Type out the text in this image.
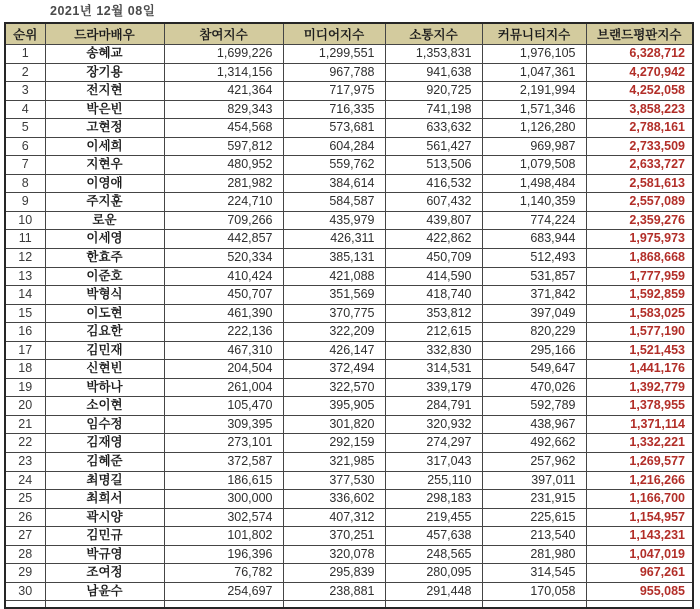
2021년 12월 08일
순위	드라마배우	참여지수	미디어지수	소통지수	커뮤니티지수	브랜드평판지수
1	송혜교	1,699,226	1,299,551	1,353,831	1,976,105	6,328,712
2	장기용	1,314,156	967,788	941,638	1,047,361	4,270,942
3	전지현	421,364	717,975	920,725	2,191,994	4,252,058
4	박은빈	829,343	716,335	741,198	1,571,346	3,858,223
5	고현정	454,568	573,681	633,632	1,126,280	2,788,161
6	이세희	597,812	604,284	561,427	969,987	2,733,509
7	지현우	480,952	559,762	513,506	1,079,508	2,633,727
8	이영애	281,982	384,614	416,532	1,498,484	2,581,613
9	주지훈	224,710	584,587	607,432	1,140,359	2,557,089
10	로운	709,266	435,979	439,807	774,224	2,359,276
11	이세영	442,857	426,311	422,862	683,944	1,975,973
12	한효주	520,334	385,131	450,709	512,493	1,868,668
13	이준호	410,424	421,088	414,590	531,857	1,777,959
14	박형식	450,707	351,569	418,740	371,842	1,592,859
15	이도현	461,390	370,775	353,812	397,049	1,583,025
16	김요한	222,136	322,209	212,615	820,229	1,577,190
17	김민재	467,310	426,147	332,830	295,166	1,521,453
18	신현빈	204,504	372,494	314,531	549,647	1,441,176
19	박하나	261,004	322,570	339,179	470,026	1,392,779
20	소이현	105,470	395,905	284,791	592,789	1,378,955
21	임수정	309,395	301,820	320,932	438,967	1,371,114
22	김재영	273,101	292,159	274,297	492,662	1,332,221
23	김혜준	372,587	321,985	317,043	257,962	1,269,577
24	최명길	186,615	377,530	255,110	397,011	1,216,266
25	최희서	300,000	336,602	298,183	231,915	1,166,700
26	곽시양	302,574	407,312	219,455	225,615	1,154,957
27	김민규	101,802	370,251	457,638	213,540	1,143,231
28	박규영	196,396	320,078	248,565	281,980	1,047,019
29	조여정	76,782	295,839	280,095	314,545	967,261
30	남윤수	254,697	238,881	291,448	170,058	955,085
